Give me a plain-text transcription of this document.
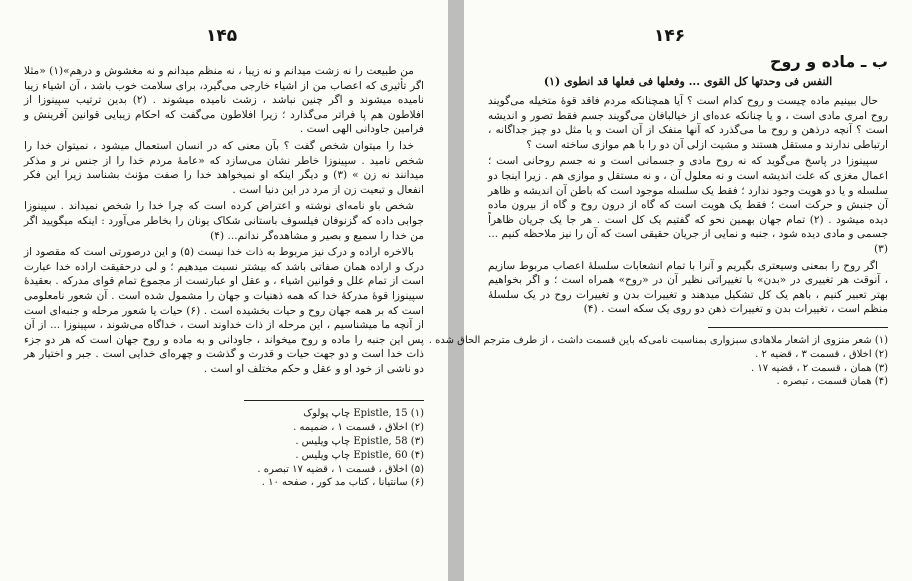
۱۴۵

من طبیعت را نه زشت میدانم و نه زیبا ، نه منظم میدانم و نه مغشوش و درهم»(۱) «مثلا اگر تأثیری که اعصاب من از اشیاء خارجی می‌گیرد، برای سلامت خوب باشد ، آن اشیاء زیبا نامیده میشوند و اگر چنین نباشد ، زشت نامیده میشوند . (۲) بدین ترتیب سپینوزا از افلاطون هم پا فراتر می‌گذارد ؛ زیرا افلاطون می‌گفت که احکام زیبایی قوانین آفرینش و فرامین جاودانی الهی است .

خدا را میتوان شخص گفت ؟ بآن معنی که در انسان استعمال میشود ، نمیتوان خدا را شخص نامید . سپینوزا خاطر نشان می‌سازد که «عامهٔ مردم خدا را از جنس نر و مذکر میدانند نه زن » (۳) و دیگر اینکه او نمیخواهد خدا را صفت مؤنث بشناسد زیرا این فکر انفعال و تبعیت زن از مرد در این دنیا است .

شخص باو نامه‌ای نوشته و اعتراض کرده است که چرا خدا را شخص نمیداند . سپینوزا جوابی داده که گزنوفان فیلسوف باستانی شکاک یونان را بخاطر می‌آورد : اینکه میگویید اگر من خدا را سمیع و بصیر و مشاهده‌گر ندانم... (۴)

بالاخره اراده و درک نیز مربوط به ذات خدا نیست (۵) و این درصورتی است که مقصود از درک و اراده همان صفاتی باشد که بیشتر نسبت میدهیم ؛ و لی درحقیقت اراده خدا عبارت است از تمام علل و قوانین اشیاء ، و عقل او عبارتست از مجموع تمام قوای مدرکه . بعقیدهٔ سپینوزا قوهٔ مدرکهٔ خدا که همه ذهنیات و جهان را مشمول شده است . آن شعور نامعلومی است که بر همه جهان روح و حیات بخشیده است . (۶) حیات یا شعور مرحله و جنبه‌ای است از آنچه ما میشناسیم ، این مرحله از ذات خداوند است ، خداگاه می‌شوند ، سپینوزا ... از آن پس این جنبه را ماده و روح میخواند ، جاودانی و به ماده و روح جهان است که هر دو جزء ذات خدا است و دو جهت حیات و قدرت و گذشت و چهره‌ای خدایی است . جبر و اختیار هر دو ناشی از خود او و عقل و حکم مختلف او است .

(۱) Epistle, 15 چاپ پولوک
(۲) اخلاق ، قسمت ۱ ، ضمیمه .
(۳) Epistle, 58 چاپ ویلیس .
(۴) Epistle, 60 چاپ ویلیس .
(۵) اخلاق ، قسمت ۱ ، قضیه ۱۷ تبصره .
(۶) سانتیانا ، کتاب مد کور ، صفحه ۱۰ .
۱۴۶
ب ـ ماده و روح
النفس فی وحدتها کل القوی ... وفعلها فی فعلها قد انطوی (۱)

حال ببینیم ماده چیست و روح کدام است ؟ آیا همچنانکه مردم فاقد قوهٔ متخیله می‌گویند روح امری مادی است ، و یا چنانکه عده‌ای از خیالبافان می‌گویند جسم فقط تصور و اندیشه است ؟ آنچه درذهن و روح ما می‌گذرد که آنها منفک از آن است و یا مثل دو چیز جداگانه ، ارتباطی ندارند و مستقل هستند و مشیت ازلی آن دو را با هم موازی ساخته است ؟

سپینوزا در پاسخ می‌گوید که نه روح مادی و جسمانی است و نه جسم روحانی است ؛ اعمال مغزی که علت اندیشه است و نه معلول آن ، و نه مستقل و موازی هم . زیرا اینجا دو سلسله و یا دو هویت وجود ندارد ؛ فقط یک سلسله موجود است که باطن آن اندیشه و ظاهر آن جنبش و حرکت است ؛ فقط یک هویت است که گاه از درون روح و گاه از بیرون ماده دیده میشود . (۲) تمام جهان بهمین نحو که گفتیم یک کل است . هر جا یک جریان ظاهراً جسمی و مادی دیده شود ، جنبه و نمایی از جریان حقیقی است که آن را نیز ملاحظه کنیم ... (۳)

اگر روح را بمعنی وسیعتری بگیریم و آنرا با تمام انشعابات سلسلهٔ اعصاب مربوط سازیم ، آنوقت هر تغییری در «بدن» با تغییراتی نظیر آن در «روح» همراه است ؛ و اگر بخواهیم بهتر تعبیر کنیم ، باهم یک کل تشکیل میدهند و تغییرات بدن و تغییرات روح در یک سلسلهٔ منظم است ، تغییرات بدن و تغییرات ذهن دو روی یک سکه است . (۴)

(۱) شعر منزوی از اشعار ملاهادی سبزواری بمناسبت نامی‌که باین قسمت داشت ، از طرف مترجم الحاق شده .
(۲) اخلاق ، قسمت ۳ ، قضیه ۲ .
(۳) همان ، قسمت ۲ ، قضیه ۱۷ .
(۴) همان قسمت ، تبصره .
